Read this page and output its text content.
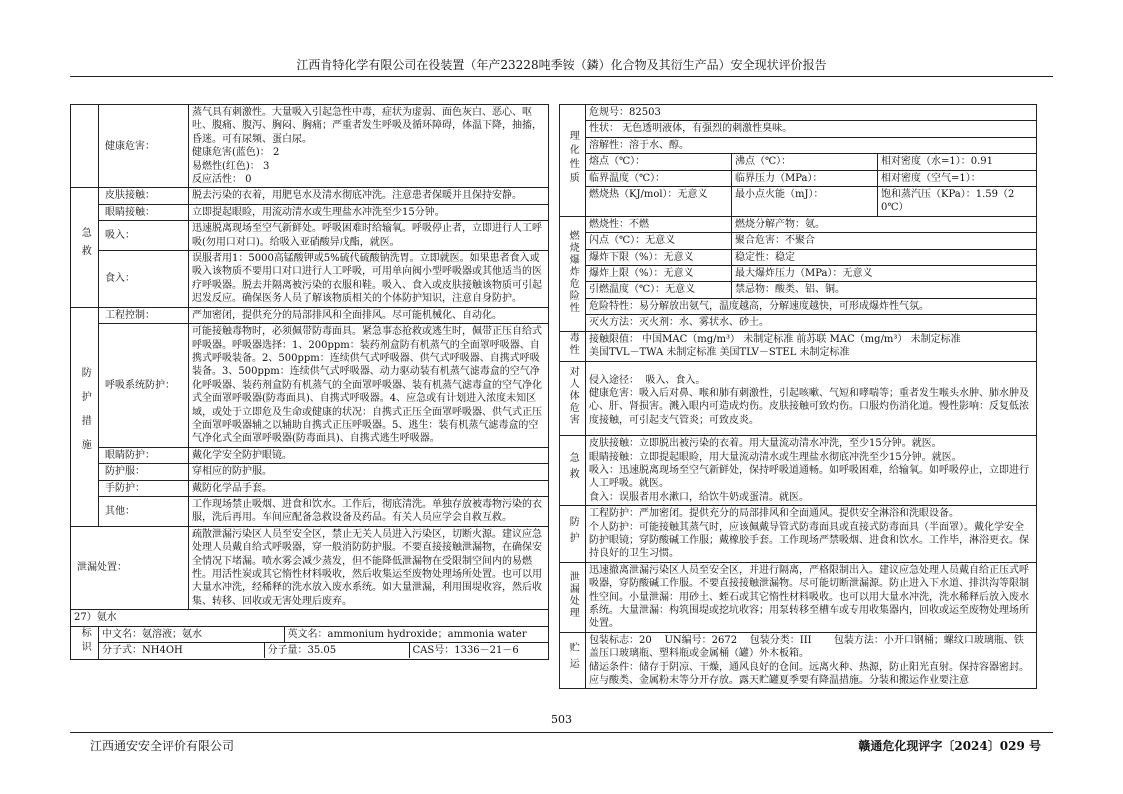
江西肯特化学有限公司在役装置（年产23228吨季铵（鏻）化合物及其衍生产品）安全现状评价报告
	健康危害：	蒸气具有刺激性。大量吸入引起急性中毒，症状为虚弱、面色灰白、恶心、呕吐、腹痛、腹泻、胸闷、胸痛；严重者发生呼吸及循环障碍，体温下降，抽搐，昏迷。可有尿频、蛋白尿。
健康危害(蓝色)： 2
易燃性(红色)： 3
反应活性： 0

急救	皮肤接触：	脱去污染的衣着，用肥皂水及清水彻底冲洗。注意患者保暖并且保持安静。
	眼睛接触：	立即提起眼睑，用流动清水或生理盐水冲洗至少15分钟。
	吸入：	迅速脱离现场至空气新鲜处。呼吸困难时给输氧。呼吸停止者，立即进行人工呼吸(勿用口对口)。给吸入亚硝酸异戊酯，就医。
	食入：	误服者用1：5000高锰酸钾或5%硫代硫酸钠洗胃。立即就医。如果患者食入或吸入该物质不要用口对口进行人工呼吸，可用单向阀小型呼吸器或其他适当的医疗呼吸器。脱去并隔离被污染的衣服和鞋。吸入、食入或皮肤接触该物质可引起迟发反应。确保医务人员了解该物质相关的个体防护知识，注意自身防护。
防护措施	工程控制：	严加密闭，提供充分的局部排风和全面排风。尽可能机械化、自动化。
	呼吸系统防护：	可能接触毒物时，必须佩带防毒面具。紧急事态抢救或逃生时，佩带正压自给式呼吸器。呼吸器选择：1、200ppm：装药剂盒防有机蒸气的全面罩呼吸器、自携式呼吸装备。2、500ppm：连续供气式呼吸器、供气式呼吸器、自携式呼吸装备。3、500ppm：连续供气式呼吸器、动力驱动装有机蒸气滤毒盒的空气净化呼吸器、装药剂盒防有机蒸气的全面罩呼吸器、装有机蒸气滤毒盒的空气净化式全面罩呼吸器(防毒面具)、自携式呼吸器。4、应急或有计划进入浓度未知区域，或处于立即危及生命或健康的状况：自携式正压全面罩呼吸器、供气式正压全面罩呼吸器辅之以辅助自携式正压呼吸器。5、逃生：装有机蒸气滤毒盒的空气净化式全面罩呼吸器(防毒面具)、自携式逃生呼吸器。
	眼睛防护：	戴化学安全防护眼镜。
	防护服：	穿相应的防护服。
	手防护：	戴防化学品手套。
	其他：	工作现场禁止吸烟、进食和饮水。工作后，彻底清洗。单独存放被毒物污染的衣服，洗后再用。车间应配备急救设备及药品。有关人员应学会自救互救。
泄漏处置：		疏散泄漏污染区人员至安全区，禁止无关人员进入污染区，切断火源。建议应急处理人员戴自给式呼吸器，穿一般消防防护服。不要直接接触泄漏物，在确保安全情况下堵漏。喷水雾会减少蒸发，但不能降低泄漏物在受限制空间内的易燃性。用活性炭或其它惰性材料吸收，然后收集运至废物处理场所处置。也可以用大量水冲洗，经稀释的洗水放入废水系统。如大量泄漏，利用围堤收容，然后收集、转移、回收或无害处理后废弃。
27）氨水
标识	中文名：氨溶液；氨水	英文名：ammonium hydroxide；ammonia water
分子式：NH4OH	分子量：35.05	CAS号：1336－21－6
理化性质	危规号：82503		
	性状： 无色透明液体，有强烈的刺激性臭味。		
	溶解性：溶于水、醇。		
	熔点（℃）：	沸点（℃）：	相对密度（水=1）：0.91
	临界温度（℃）：	临界压力（MPa）：	相对密度（空气=1）：
	燃烧热（KJ/mol）：无意义	最小点火能（mJ）：	饱和蒸汽压（KPa）：1.59（20℃）
燃烧爆炸危险性	燃烧性：不燃	燃烧分解产物：氨。
	闪点（℃）：无意义	聚合危害：不聚合
	爆炸下限（%）：无意义	稳定性：稳定
	爆炸上限（%）：无意义	最大爆炸压力（MPa）：无意义
	引燃温度（℃）：无意义	禁忌物：酸类、铝、铜。
	危险特性：易分解放出氨气，温度越高，分解速度越快，可形成爆炸性气氛。	
	灭火方法：灭火剂：水、雾状水、砂土。	
毒性	接触限值： 中国MAC（mg/m³） 未制定标准 前苏联 MAC（mg/m³） 未制定标准
美国TVL－TWA 未制定标准 美国TLV－STEL 未制定标准

对人体危害	侵入途径：  吸入、食入。
健康危害：吸入后对鼻、喉和肺有刺激性，引起咳嗽、气短和哮喘等；重者发生喉头水肿、肺水肿及心、肝、肾损害。溅入眼内可造成灼伤。皮肤接触可致灼伤。口服灼伤消化道。慢性影响：反复低浓度接触，可引起支气管炎；可致皮炎。
急救	皮肤接触：立即脱出被污染的衣着。用大量流动清水冲洗，至少15分钟。就医。
眼睛接触：立即提起眼睑，用大量流动清水或生理盐水彻底冲洗至少15分钟。就医。
吸入：迅速脱离现场至空气新鲜处，保持呼吸道通畅。如呼吸困难，给输氧。如呼吸停止，立即进行人工呼吸。就医。
食入：误服者用水漱口，给饮牛奶或蛋清。就医。

防护	工程防护：严加密闭。提供充分的局部排风和全面通风。提供安全淋浴和洗眼设备。
个人防护：可能接触其蒸气时，应该佩戴导管式防毒面具或直接式防毒面具（半面罩）。戴化学安全防护眼镜；穿防酸碱工作服；戴橡胶手套。工作现场严禁吸烟、进食和饮水。工作毕，淋浴更衣。保持良好的卫生习惯。

泄漏处理	迅速撤离泄漏污染区人员至安全区，并进行隔离，严格限制出入。建议应急处理人员戴自给正压式呼吸器，穿防酸碱工作服。不要直接接触泄漏物。尽可能切断泄漏源。防止进入下水道、排洪沟等限制性空间。小量泄漏：用砂土、蛭石或其它惰性材料吸收。也可以用大量水冲洗，洗水稀释后放入废水系统。大量泄漏：构筑围堤或挖坑收容；用泵转移至槽车或专用收集器内，回收或运至废物处理场所处置。
贮运	包装标志：20    UN编号：2672    包装分类：III       包装方法：小开口钢桶；螺纹口玻璃瓶、铁盖压口玻璃瓶、塑料瓶或金属桶（罐）外木板箱。
储运条件：储存于阴凉、干燥，通风良好的仓间。远离火种、热源，防止阳光直射。保持容器密封。应与酸类、金属粉末等分开存放。露天贮罐夏季要有降温措施。分装和搬运作业要注意
503
江西通安安全评价有限公司	赣通危化现评字〔2024〕029 号
